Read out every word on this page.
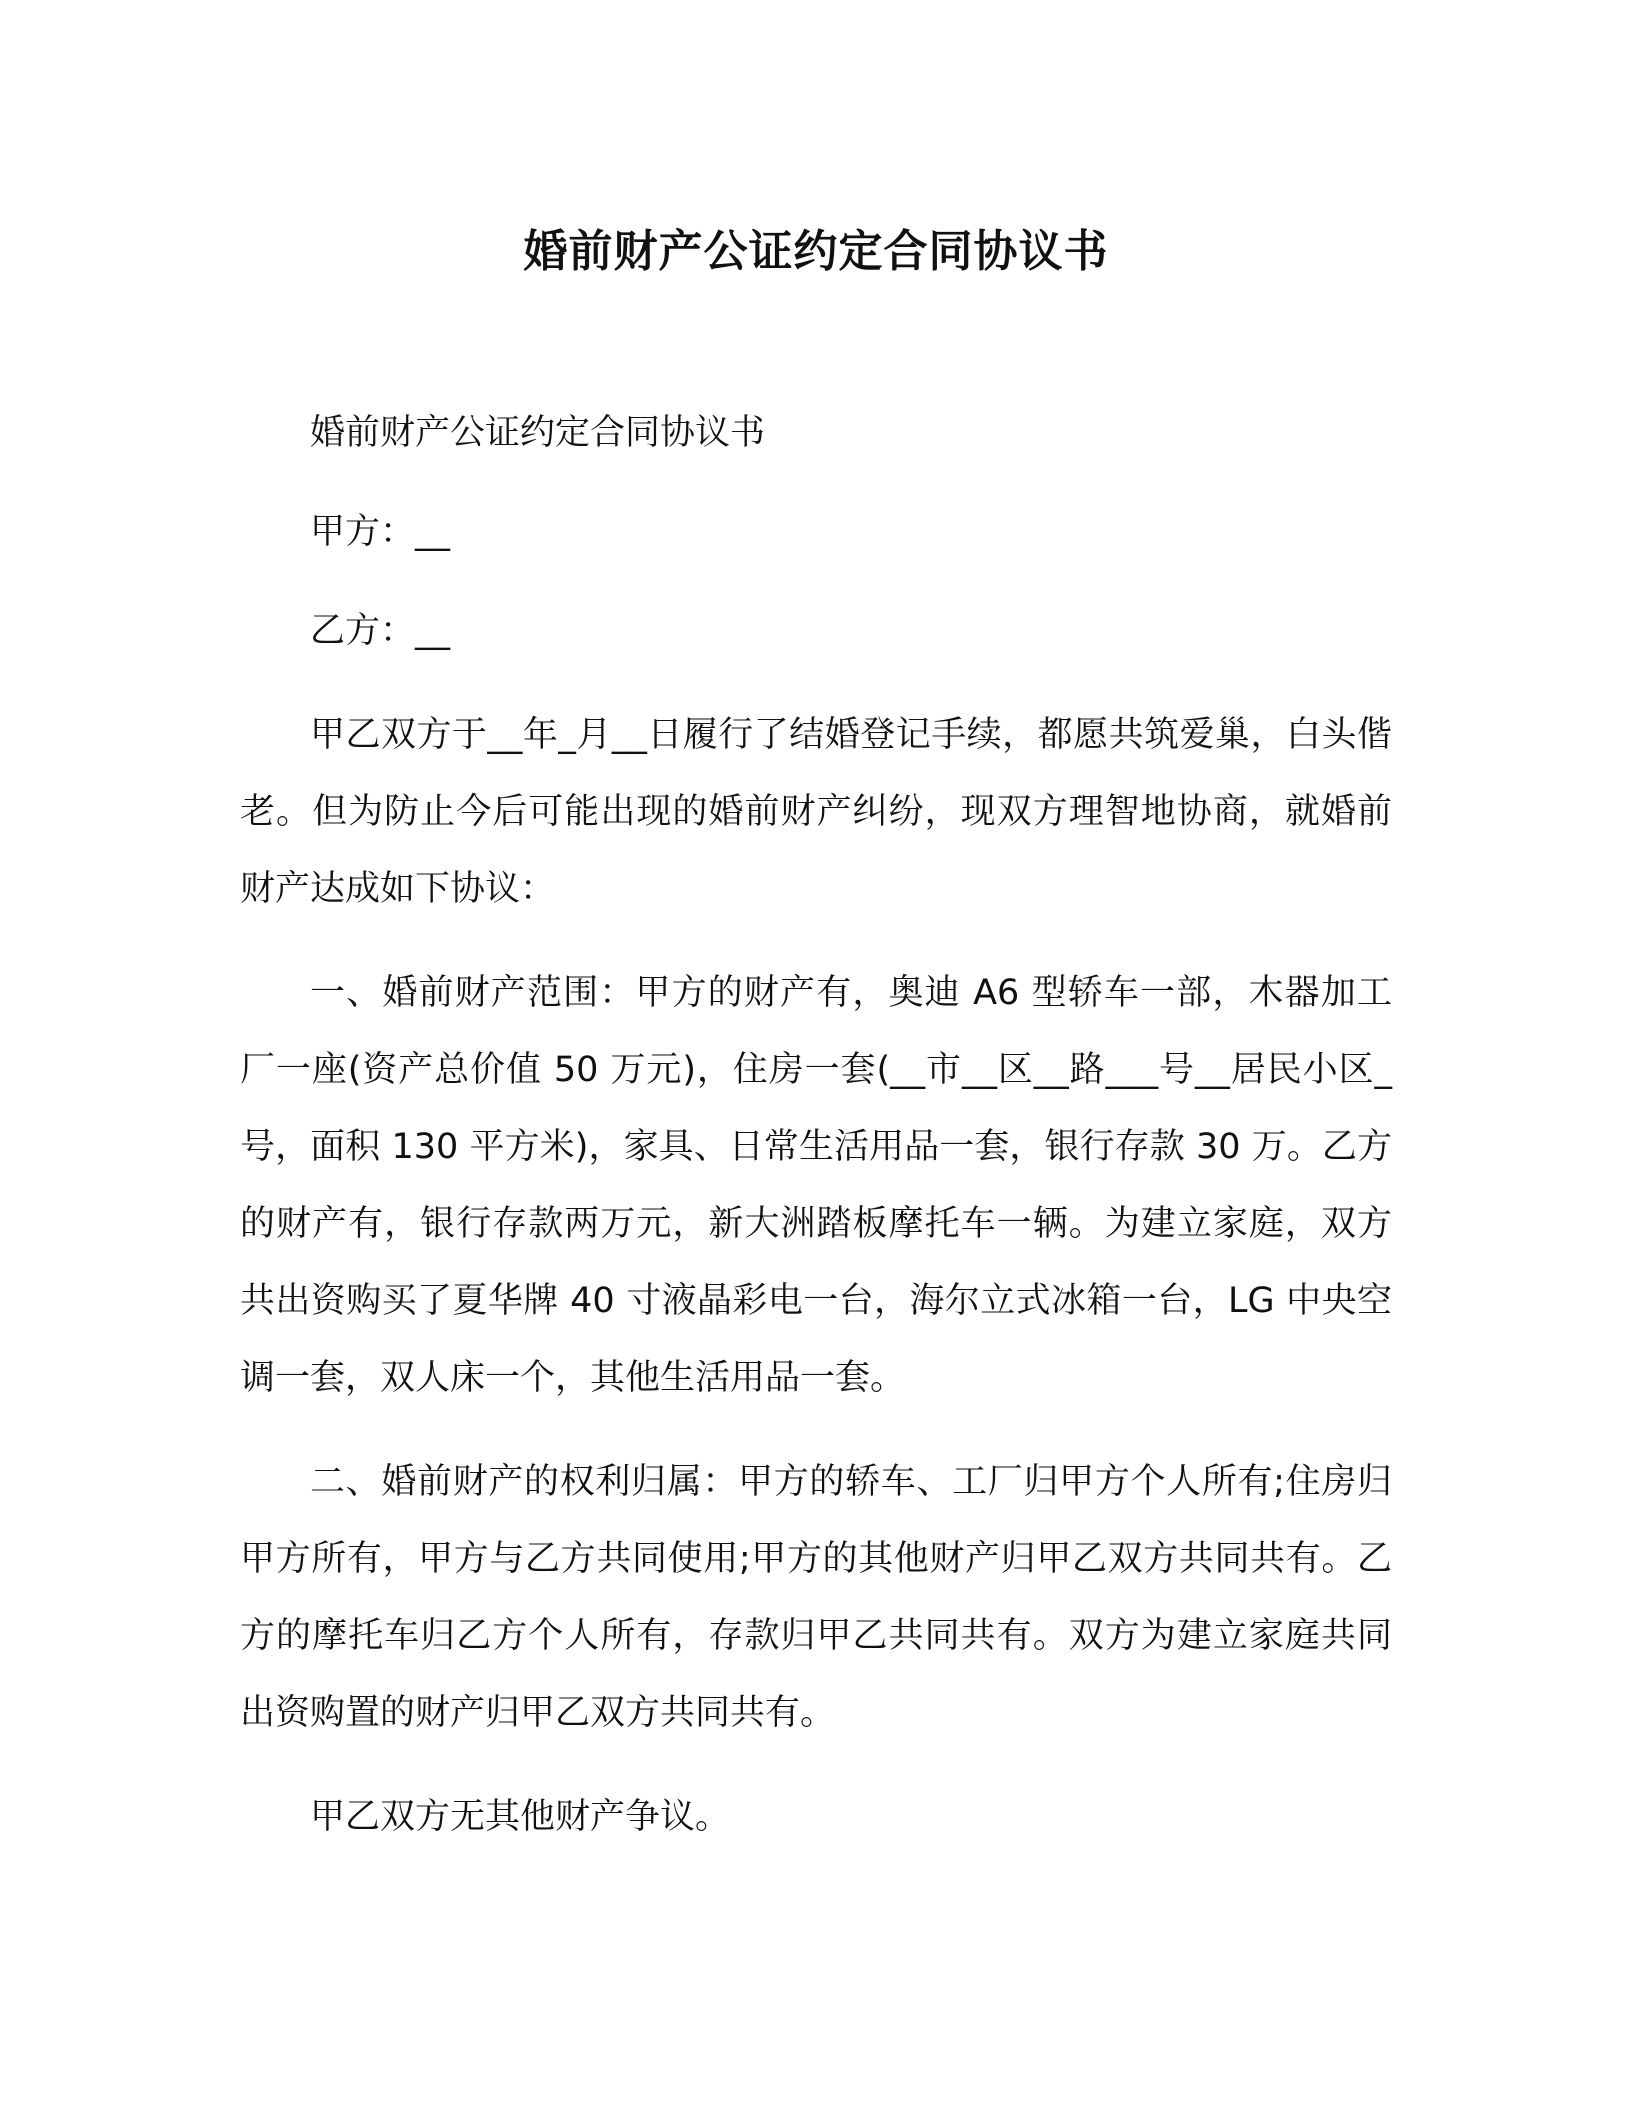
婚前财产公证约定合同协议书

婚前财产公证约定合同协议书

甲方：__

乙方：__

甲乙双方于__年_月__日履行了结婚登记手续，都愿共筑爱巢，白头偕老。但为防止今后可能出现的婚前财产纠纷，现双方理智地协商，就婚前财产达成如下协议：

一、婚前财产范围：甲方的财产有，奥迪 A6 型轿车一部，木器加工厂一座(资产总价值 50 万元)，住房一套(__市__区__路___号__居民小区_号，面积 130 平方米)，家具、日常生活用品一套，银行存款 30 万。乙方的财产有，银行存款两万元，新大洲踏板摩托车一辆。为建立家庭，双方共出资购买了夏华牌 40 寸液晶彩电一台，海尔立式冰箱一台，LG 中央空调一套，双人床一个，其他生活用品一套。

二、婚前财产的权利归属：甲方的轿车、工厂归甲方个人所有;住房归甲方所有，甲方与乙方共同使用;甲方的其他财产归甲乙双方共同共有。乙方的摩托车归乙方个人所有，存款归甲乙共同共有。双方为建立家庭共同出资购置的财产归甲乙双方共同共有。

甲乙双方无其他财产争议。
